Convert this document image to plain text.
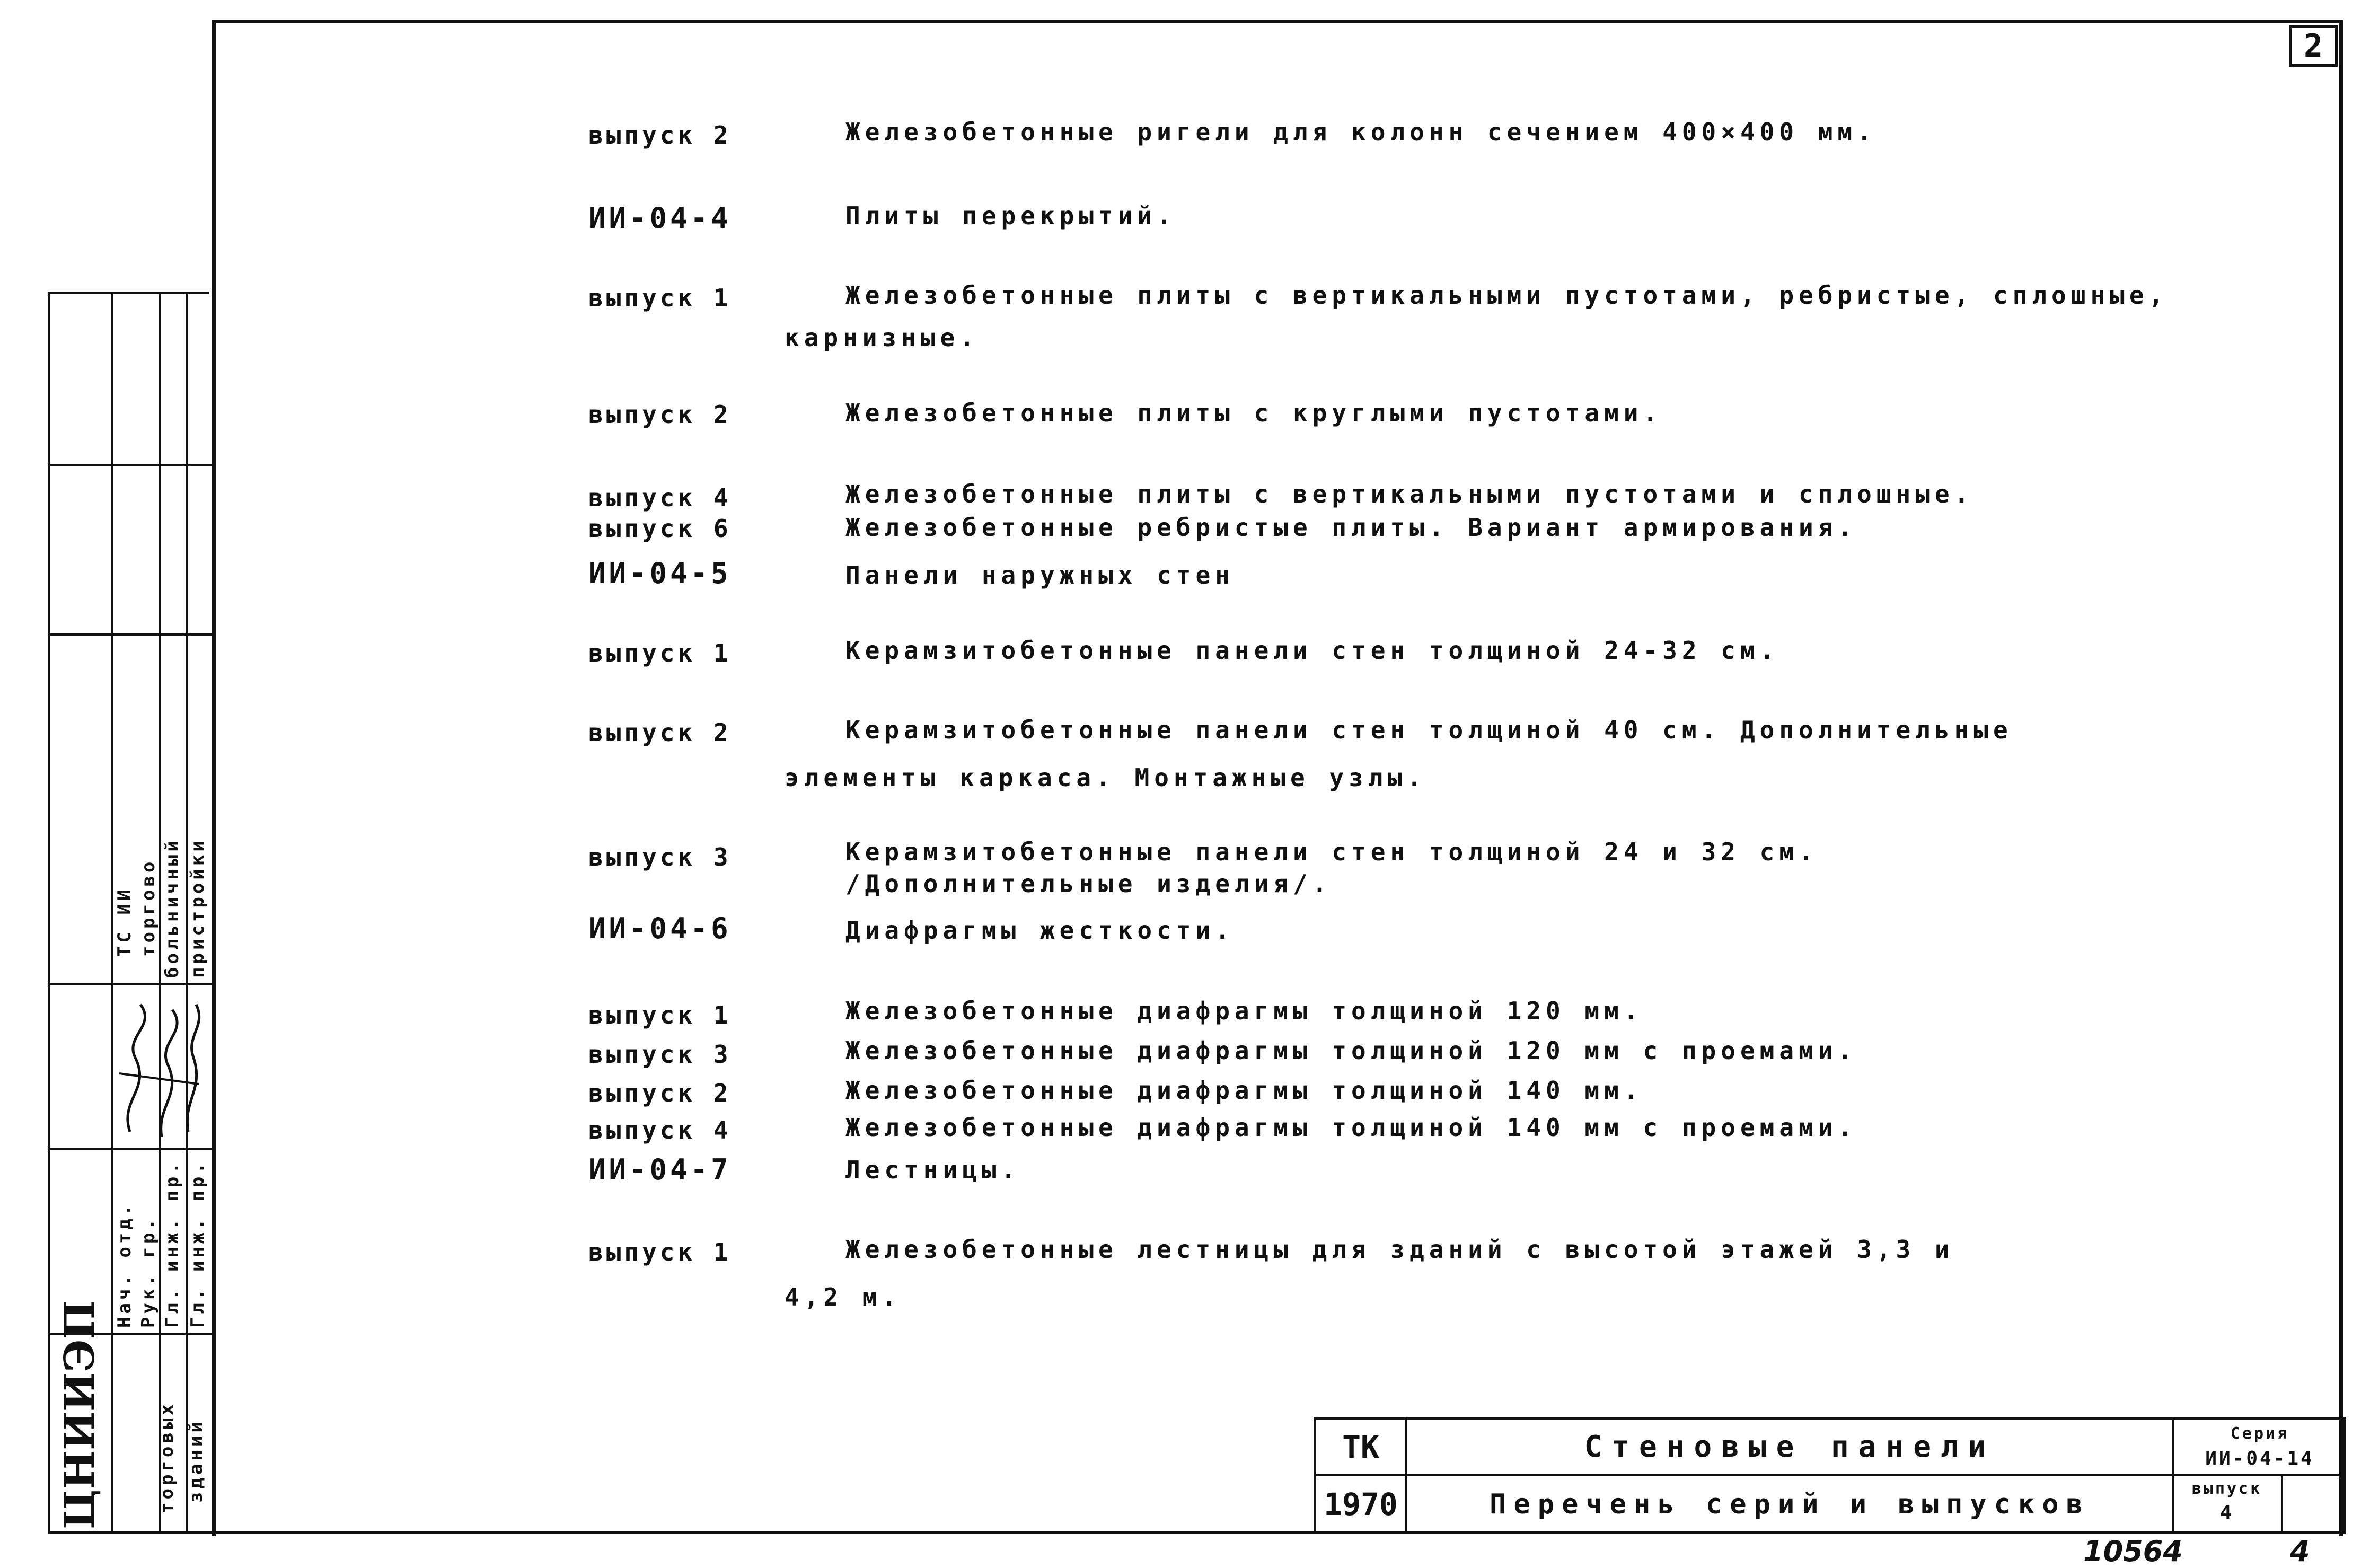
2
выпуск 2	Железобетонные ригели для колонн сечением 400×400 мм.
ИИ-04-4	Плиты перекрытий.
выпуск 1	Железобетонные плиты с вертикальными пустотами, ребристые, сплошные,
карнизные.
выпуск 2	Железобетонные плиты с круглыми пустотами.
выпуск 4	Железобетонные плиты с вертикальными пустотами и сплошные.
выпуск 6	Железобетонные ребристые плиты. Вариант армирования.
ИИ-04-5	Панели наружных стен
выпуск 1	Керамзитобетонные панели стен толщиной 24-32 см.
выпуск 2	Керамзитобетонные панели стен толщиной 40 см. Дополнительные
элементы каркаса. Монтажные узлы.
выпуск 3	Керамзитобетонные панели стен толщиной 24 и 32 см.
/Дополнительные изделия/.
ИИ-04-6	Диафрагмы жесткости.
выпуск 1	Железобетонные диафрагмы толщиной 120 мм.
выпуск 3	Железобетонные диафрагмы толщиной 120 мм с проемами.
выпуск 2	Железобетонные диафрагмы толщиной 140 мм.
выпуск 4	Железобетонные диафрагмы толщиной 140 мм с проемами.
ИИ-04-7	Лестницы.
выпуск 1	Железобетонные лестницы для зданий с высотой этажей 3,3 и
4,2 м.
ТС ИИ торгово больничный пристройки
Нач. отд. Рук. гр. Гл. инж. пр. Гл. инж. пр.
ЦНИИЭП	торговых зданий	ТК
1970
Стеновые панели
Перечень серий и выпусков
Серия
ИИ-04-14
выпуск
4
10564	4
